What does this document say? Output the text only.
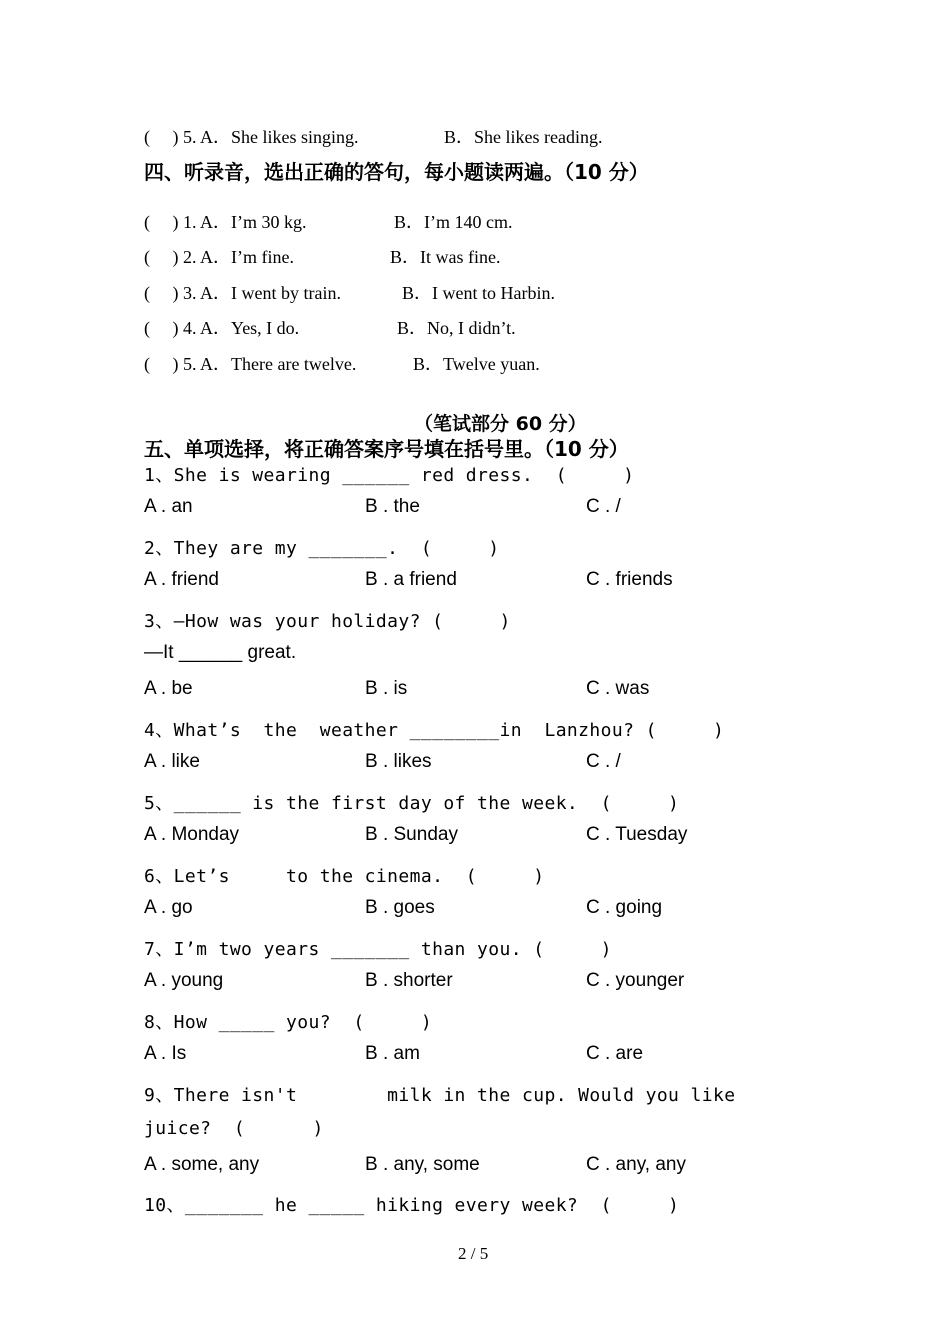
(     ) 5. A．She likes singing.	B．She likes reading.
四、听录音，选出正确的答句，每小题读两遍。（10 分）
(     ) 1. A．I’m 30 kg.	B．I’m 140 cm.
(     ) 2. A．I’m fine.	B．It was fine.
(     ) 3. A．I went by train.	B．I went to Harbin.
(     ) 4. A．Yes, I do.	B．No, I didn’t.
(     ) 5. A．There are twelve.	B．Twelve yuan.
（笔试部分 60 分）
五、单项选择，将正确答案序号填在括号里。（10 分）
1、She is wearing ______ red dress.  (     )
A . an	B . the	C . /
2、They are my _______.  (     )
A . friend	B . a friend	C . friends
3、—How was your holiday? (     )
—It ______ great.
A . be	B . is	C . was
4、What’s  the  weather ________in  Lanzhou? (     )
A . like	B . likes	C . /
5、______ is the first day of the week.  (     )
A . Monday	B . Sunday	C . Tuesday
6、Let’s     to the cinema.  (     )
A . go	B . goes	C . going
7、I’m two years _______ than you. (     )
A . young	B . shorter	C . younger
8、How _____ you?  (     )
A . Is	B . am	C . are
9、There isn't        milk in the cup. Would you like
juice?  (      )
A . some, any	B . any, some	C . any, any
10、_______ he _____ hiking every week?  (     )
2 / 5
